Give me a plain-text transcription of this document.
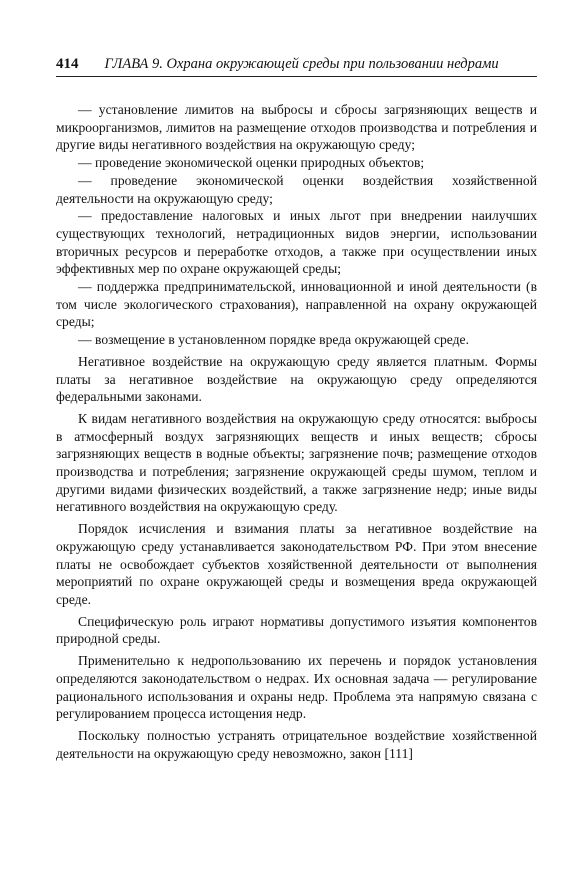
414 ГЛАВА 9. Охрана окружающей среды при пользовании недрами

— установление лимитов на выбросы и сбросы загрязняющих веществ и микроорганизмов, лимитов на размещение отходов производства и потребления и другие виды негативного воздействия на окружающую среду;

— проведение экономической оценки природных объектов;

— проведение экономической оценки воздействия хозяйственной деятельности на окружающую среду;

— предоставление налоговых и иных льгот при внедрении наилучших существующих технологий, нетрадиционных видов энергии, использовании вторичных ресурсов и переработке отходов, а также при осуществлении иных эффективных мер по охране окружающей среды;

— поддержка предпринимательской, инновационной и иной деятельности (в том числе экологического страхования), направленной на охрану окружающей среды;

— возмещение в установленном порядке вреда окружающей среде.

Негативное воздействие на окружающую среду является платным. Формы платы за негативное воздействие на окружающую среду определяются федеральными законами.

К видам негативного воздействия на окружающую среду относятся: выбросы в атмосферный воздух загрязняющих веществ и иных веществ; сбросы загрязняющих веществ в водные объекты; загрязнение почв; размещение отходов производства и потребления; загрязнение окружающей среды шумом, теплом и другими видами физических воздействий, а также загрязнение недр; иные виды негативного воздействия на окружающую среду.

Порядок исчисления и взимания платы за негативное воздействие на окружающую среду устанавливается законодательством РФ. При этом внесение платы не освобождает субъектов хозяйственной деятельности от выполнения мероприятий по охране окружающей среды и возмещения вреда окружающей среде.

Специфическую роль играют нормативы допустимого изъятия компонентов природной среды.

Применительно к недропользованию их перечень и порядок установления определяются законодательством о недрах. Их основная задача — регулирование рационального использования и охраны недр. Проблема эта напрямую связана с регулированием процесса истощения недр.

Поскольку полностью устранять отрицательное воздействие хозяйственной деятельности на окружающую среду невозможно, закон [111]
